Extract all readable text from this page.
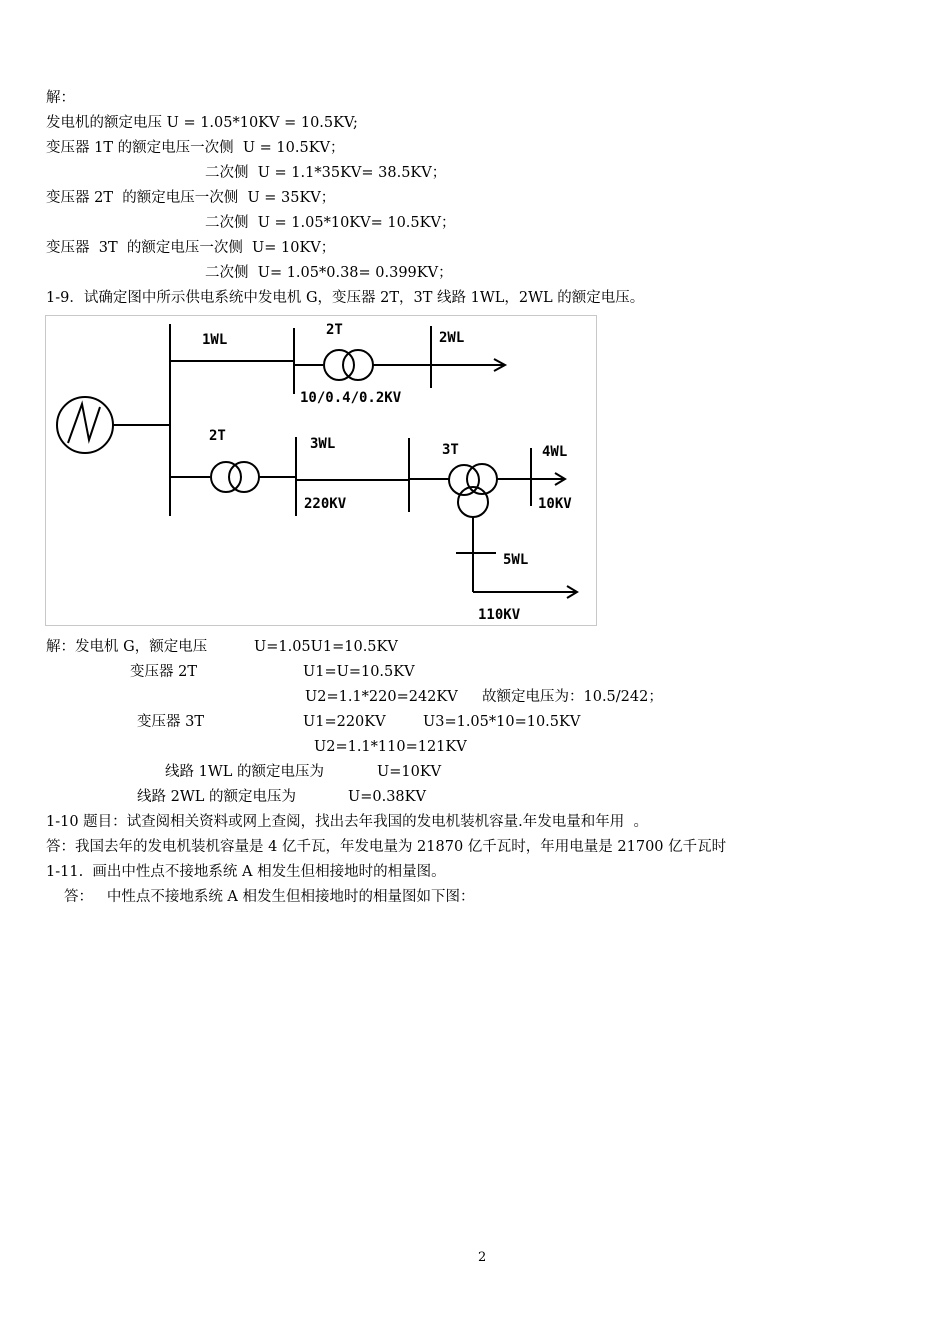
解：
发电机的额定电压 U = 1.05*10KV = 10.5KV;
变压器 1T 的额定电压一次侧  U = 10.5KV；
二次侧  U = 1.1*35KV= 38.5KV；
变压器 2T  的额定电压一次侧  U = 35KV；
二次侧  U = 1.05*10KV= 10.5KV；
变压器  3T  的额定电压一次侧  U= 10KV；
二次侧  U= 1.05*0.38= 0.399KV；
1-9．试确定图中所示供电系统中发电机 G，变压器 2T，3T 线路 1WL，2WL 的额定电压。
1WL
2T	2WL
10/0.4/0.2KV
2T	3WL
220KV
3T	4WL
10KV
5WL
110KV
解：发电机 G，额定电压	U=1.05U1=10.5KV
变压器 2T	U1=U=10.5KV
U2=1.1*220=242KV 故额定电压为：10.5/242；
变压器 3T	U1=220KV	U3=1.05*10=10.5KV
U2=1.1*110=121KV
线路 1WL 的额定电压为	U=10KV
线路 2WL 的额定电压为	U=0.38KV
1-10 题目：试查阅相关资料或网上查阅，找出去年我国的发电机装机容量.年发电量和年用  。
答：我国去年的发电机装机容量是 4 亿千瓦，年发电量为 21870 亿千瓦时，年用电量是 21700 亿千瓦时
1-11.  画出中性点不接地系统 A 相发生但相接地时的相量图。
答：   中性点不接地系统 A 相发生但相接地时的相量图如下图：
2
